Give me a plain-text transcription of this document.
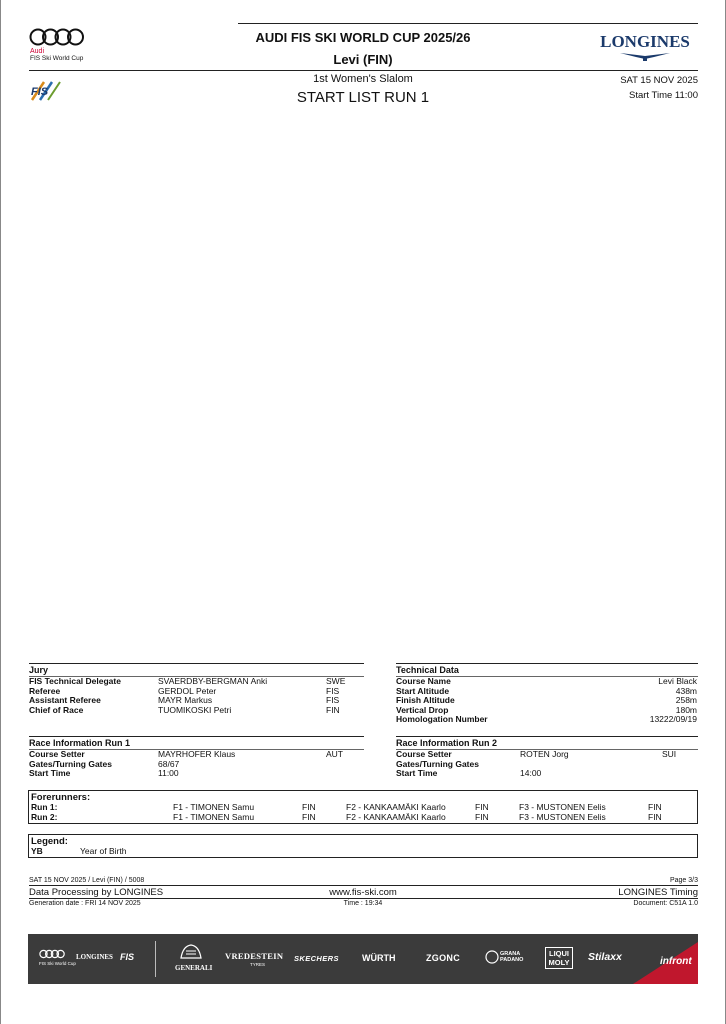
Audi
FIS Ski World Cup
AUDI FIS SKI WORLD CUP 2025/26
Levi (FIN)
LONGINES
FIS
1st Women's Slalom
START LIST RUN 1
SAT 15 NOV 2025
Start Time 11:00
Jury
FIS Technical Delegate	SVAERDBY-BERGMAN Anki	SWE
Referee	GERDOL Peter	FIS
Assistant Referee	MAYR Markus	FIS
Chief of Race	TUOMIKOSKI Petri	FIN
Technical Data
Course Name	Levi Black
Start Altitude	438m
Finish Altitude	258m
Vertical Drop	180m
Homologation Number	13222/09/19
Race Information Run 1
Course Setter	MAYRHOFER Klaus	AUT
Gates/Turning Gates	68/67
Start Time	11:00
Race Information Run 2
Course Setter	ROTEN Jorg	SUI
Gates/Turning Gates
Start Time	14:00
Forerunners:
Run 1:	F1 - TIMONEN Samu	FIN	F2 - KANKAAMÄKI Kaarlo	FIN	F3 - MUSTONEN Eelis	FIN
Run 2:	F1 - TIMONEN Samu	FIN	F2 - KANKAAMÄKI Kaarlo	FIN	F3 - MUSTONEN Eelis	FIN
Legend:
YB	Year of Birth
SAT 15 NOV 2025 / Levi (FIN) / 5008	Page 3/3
Data Processing by LONGINES	www.fis-ski.com	LONGINES Timing
Generation date : FRI 14 NOV 2025	Time : 19:34	Document: C51A 1.0
FIS Ski World Cup
LONGINES FIS
GENERALI
VREDESTEIN
TYRES
SKECHERS	WÜRTH	ZGONC	GRANA PADANO
LIQUI MOLY	Stilaxx	infront
